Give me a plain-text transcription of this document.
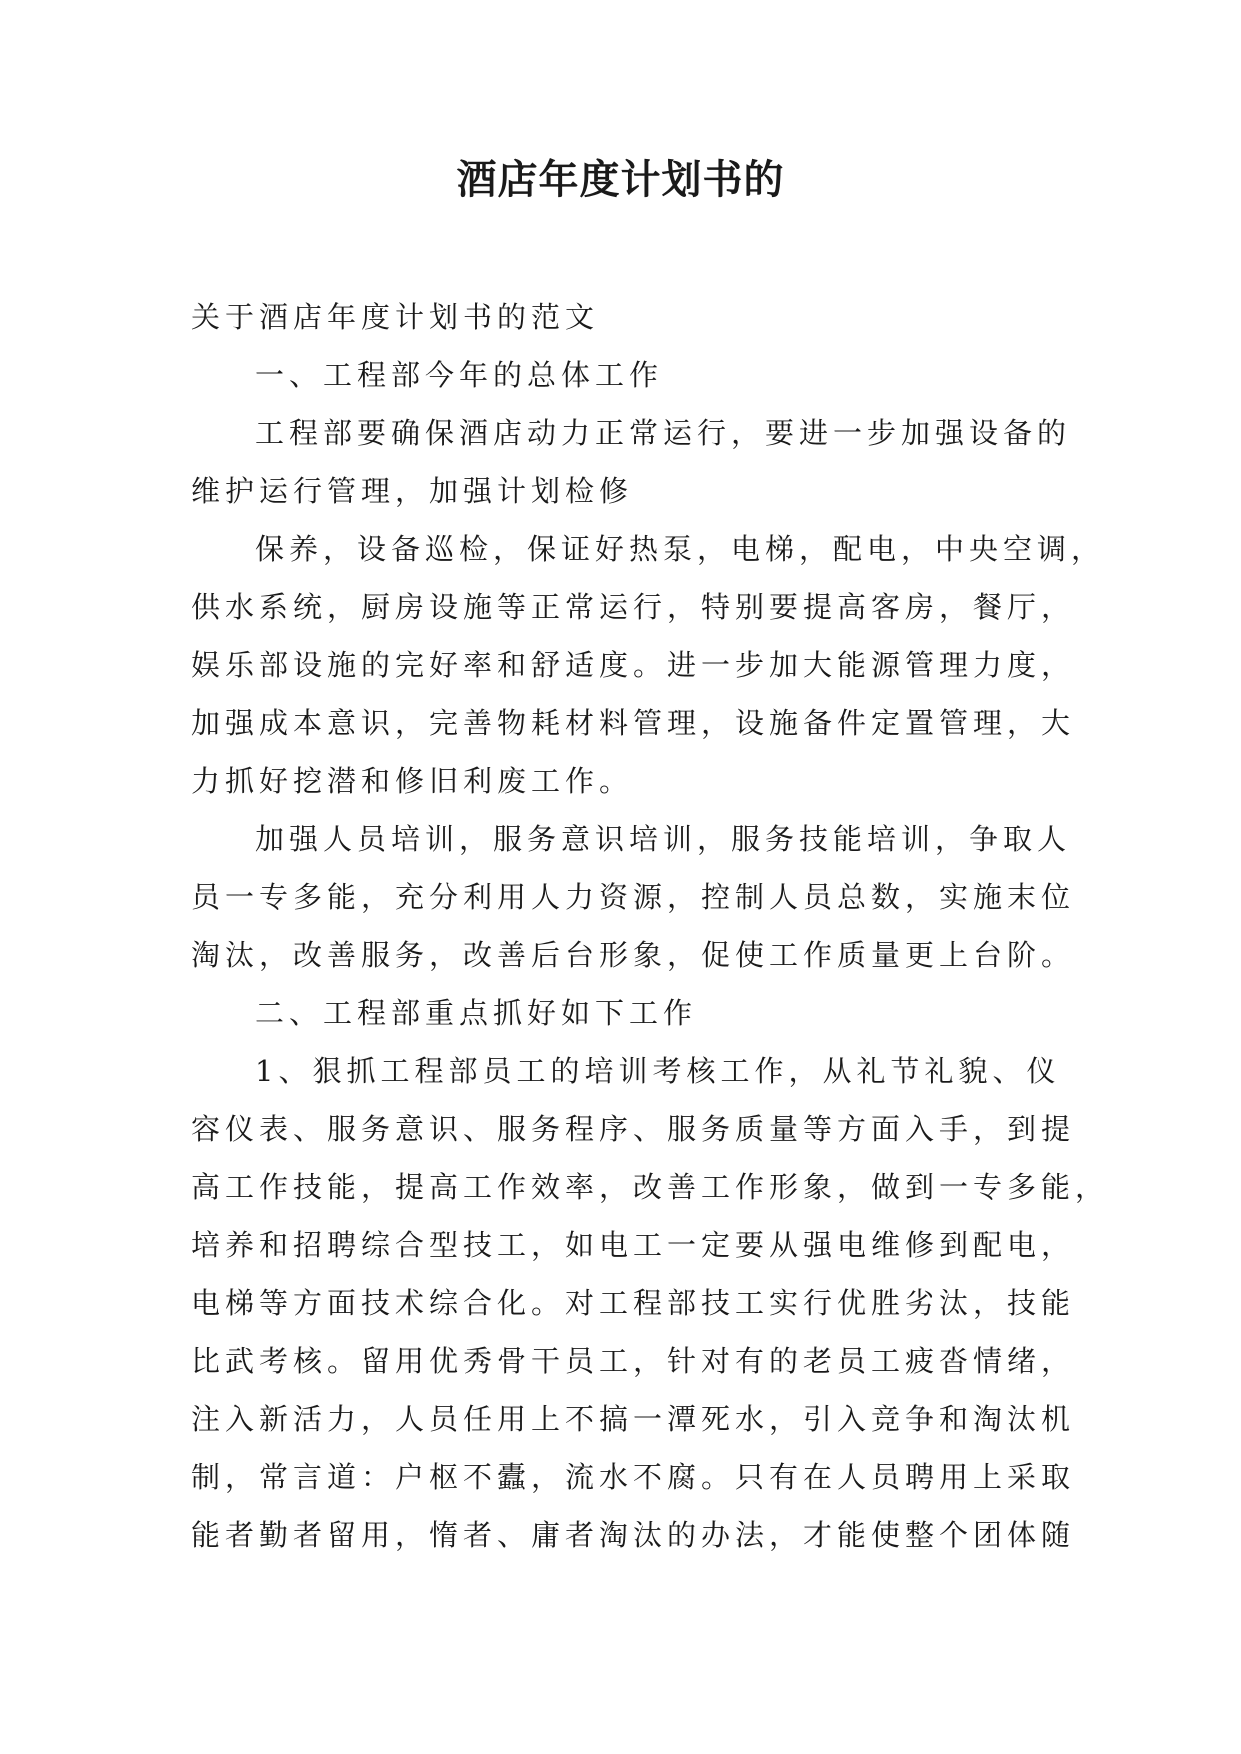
酒店年度计划书的

关于酒店年度计划书的范文

一、工程部今年的总体工作

工程部要确保酒店动力正常运行，要进一步加强设备的

维护运行管理，加强计划检修

保养，设备巡检，保证好热泵，电梯，配电，中央空调，

供水系统，厨房设施等正常运行，特别要提高客房，餐厅，

娱乐部设施的完好率和舒适度。进一步加大能源管理力度，

加强成本意识，完善物耗材料管理，设施备件定置管理，大

力抓好挖潜和修旧利废工作。

加强人员培训，服务意识培训，服务技能培训，争取人

员一专多能，充分利用人力资源，控制人员总数，实施末位

淘汰，改善服务，改善后台形象，促使工作质量更上台阶。

二、工程部重点抓好如下工作

1、狠抓工程部员工的培训考核工作，从礼节礼貌、仪

容仪表、服务意识、服务程序、服务质量等方面入手，到提

高工作技能，提高工作效率，改善工作形象，做到一专多能，

培养和招聘综合型技工，如电工一定要从强电维修到配电，

电梯等方面技术综合化。对工程部技工实行优胜劣汰，技能

比武考核。留用优秀骨干员工，针对有的老员工疲沓情绪，

注入新活力，人员任用上不搞一潭死水，引入竞争和淘汰机

制，常言道：户枢不蠹，流水不腐。只有在人员聘用上采取

能者勤者留用，惰者、庸者淘汰的办法，才能使整个团体随
